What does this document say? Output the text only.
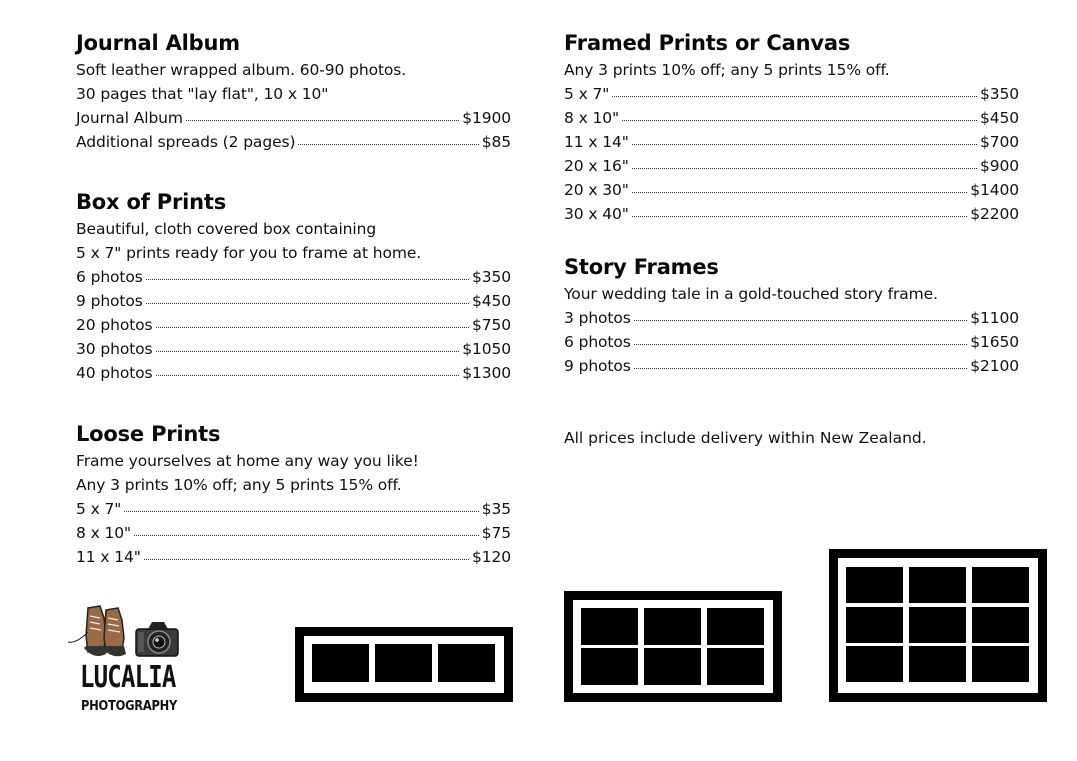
Journal Album
Soft leather wrapped album. 60-90 photos.
30 pages that "lay flat", 10 x 10"
Journal Album	$1900
Additional spreads (2 pages)	$85
Box of Prints
Beautiful, cloth covered box containing
5 x 7" prints ready for you to frame at home.
6 photos	$350
9 photos	$450
20 photos	$750
30 photos	$1050
40 photos	$1300
Loose Prints
Frame yourselves at home any way you like!
Any 3 prints 10% off; any 5 prints 15% off.
5 x 7"	$35
8 x 10"	$75
11 x 14"	$120
Framed Prints or Canvas
Any 3 prints 10% off; any 5 prints 15% off.
5 x 7"	$350
8 x 10"	$450
11 x 14"	$700
20 x 16"	$900
20 x 30"	$1400
30 x 40"	$2200
Story Frames
Your wedding tale in a gold-touched story frame.
3 photos	$1100
6 photos	$1650
9 photos	$2100
All prices include delivery within New Zealand.
LUCALIA
PHOTOGRAPHY
